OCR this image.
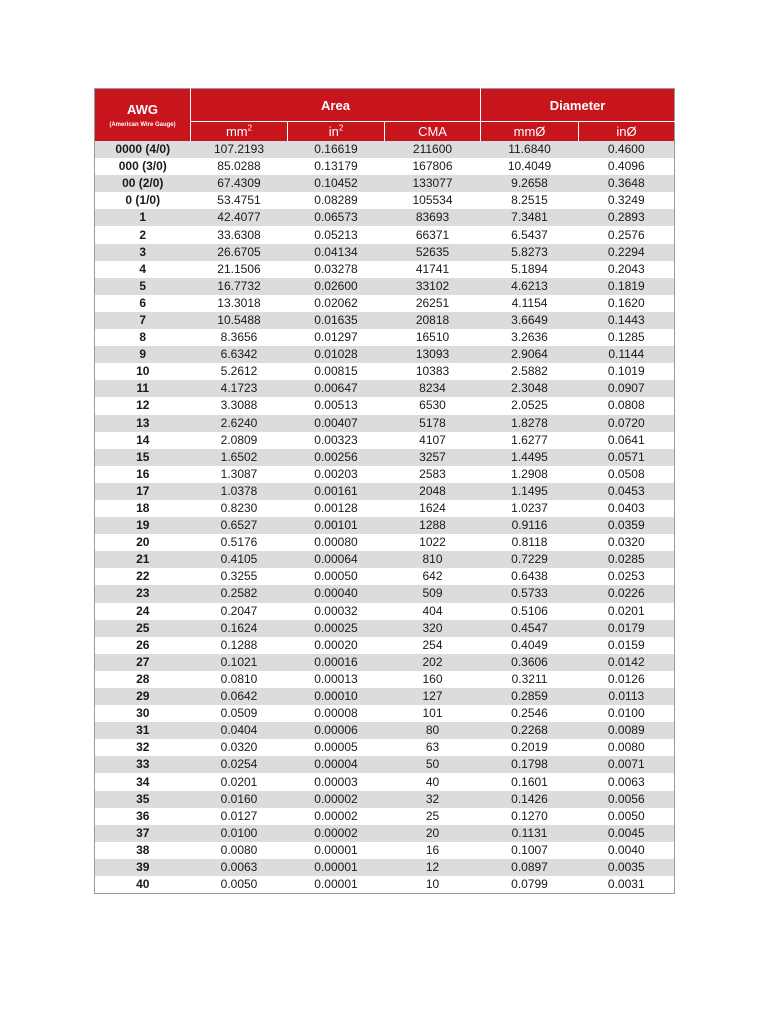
AWG
(American Wire Gauge)	Area			Diameter	
	$mm^2$	$in^2$	CMA	mmØ	inØ
0000 (4/0)	107.2193	0.16619	211600	11.6840	0.4600
000 (3/0)	85.0288	0.13179	167806	10.4049	0.4096
00 (2/0)	67.4309	0.10452	133077	9.2658	0.3648
0 (1/0)	53.4751	0.08289	105534	8.2515	0.3249
1	42.4077	0.06573	83693	7.3481	0.2893
2	33.6308	0.05213	66371	6.5437	0.2576
3	26.6705	0.04134	52635	5.8273	0.2294
4	21.1506	0.03278	41741	5.1894	0.2043
5	16.7732	0.02600	33102	4.6213	0.1819
6	13.3018	0.02062	26251	4.1154	0.1620
7	10.5488	0.01635	20818	3.6649	0.1443
8	8.3656	0.01297	16510	3.2636	0.1285
9	6.6342	0.01028	13093	2.9064	0.1144
10	5.2612	0.00815	10383	2.5882	0.1019
11	4.1723	0.00647	8234	2.3048	0.0907
12	3.3088	0.00513	6530	2.0525	0.0808
13	2.6240	0.00407	5178	1.8278	0.0720
14	2.0809	0.00323	4107	1.6277	0.0641
15	1.6502	0.00256	3257	1.4495	0.0571
16	1.3087	0.00203	2583	1.2908	0.0508
17	1.0378	0.00161	2048	1.1495	0.0453
18	0.8230	0.00128	1624	1.0237	0.0403
19	0.6527	0.00101	1288	0.9116	0.0359
20	0.5176	0.00080	1022	0.8118	0.0320
21	0.4105	0.00064	810	0.7229	0.0285
22	0.3255	0.00050	642	0.6438	0.0253
23	0.2582	0.00040	509	0.5733	0.0226
24	0.2047	0.00032	404	0.5106	0.0201
25	0.1624	0.00025	320	0.4547	0.0179
26	0.1288	0.00020	254	0.4049	0.0159
27	0.1021	0.00016	202	0.3606	0.0142
28	0.0810	0.00013	160	0.3211	0.0126
29	0.0642	0.00010	127	0.2859	0.0113
30	0.0509	0.00008	101	0.2546	0.0100
31	0.0404	0.00006	80	0.2268	0.0089
32	0.0320	0.00005	63	0.2019	0.0080
33	0.0254	0.00004	50	0.1798	0.0071
34	0.0201	0.00003	40	0.1601	0.0063
35	0.0160	0.00002	32	0.1426	0.0056
36	0.0127	0.00002	25	0.1270	0.0050
37	0.0100	0.00002	20	0.1131	0.0045
38	0.0080	0.00001	16	0.1007	0.0040
39	0.0063	0.00001	12	0.0897	0.0035
40	0.0050	0.00001	10	0.0799	0.0031
